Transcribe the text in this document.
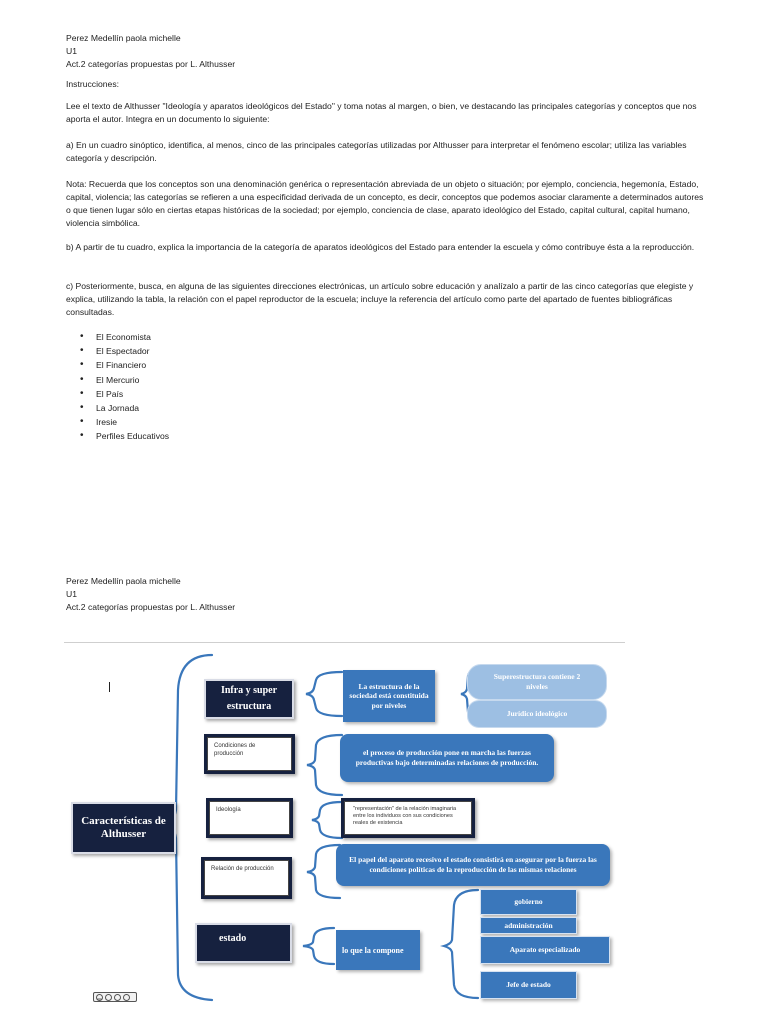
Perez Medellín paola michelle
U1
Act.2 categorías propuestas por L. Althusser
Instrucciones:
Lee el texto de Althusser "Ideología y aparatos ideológicos del Estado" y toma notas al margen, o bien, ve destacando las principales categorías y conceptos que nos aporta el autor. Integra en un documento lo siguiente:
a) En un cuadro sinóptico, identifica, al menos, cinco de las principales categorías utilizadas por Althusser para interpretar el fenómeno escolar; utiliza las variables categoría y descripción.
Nota: Recuerda que los conceptos son una denominación genérica o representación abreviada de un objeto o situación; por ejemplo, conciencia, hegemonía, Estado, capital, violencia; las categorías se refieren a una especificidad derivada de un concepto, es decir, conceptos que podemos asociar claramente a determinados autores o que tienen lugar sólo en ciertas etapas históricas de la sociedad; por ejemplo, conciencia de clase, aparato ideológico del Estado, capital cultural, capital humano, violencia simbólica.
b) A partir de tu cuadro, explica la importancia de la categoría de aparatos ideológicos del Estado para entender la escuela y cómo contribuye ésta a la reproducción.
c) Posteriormente, busca, en alguna de las siguientes direcciones electrónicas, un artículo sobre educación y analízalo a partir de las cinco categorías que elegiste y explica, utilizando la tabla, la relación con el papel reproductor de la escuela; incluye la referencia del artículo como parte del apartado de fuentes bibliográficas consultadas.
• El Economista
• El Espectador
• El Financiero
• El Mercurio
• El País
• La Jornada
• Iresie
• Perfiles Educativos
Perez Medellín paola michelle
U1
Act.2 categorías propuestas por L. Althusser
Características de Althusser
Infra y super estructura
La estructura de la sociedad está constituida por niveles
Superestructura contiene 2 niveles
Jurídico ideológico
Condiciones de producción	el proceso de producción pone en marcha las fuerzas productivas bajo determinadas relaciones de producción.
Ideología	"representación" de la relación imaginaria entre los individuos con sus condiciones reales de existencia
Relación de producción
El papel del aparato recesivo el estado consistirá en asegurar por la fuerza las condiciones políticas de la reproducción de las mismas relaciones
estado
lo que la compone
gobierno
administración
Aparato especializado
Jefe de estado
cc
